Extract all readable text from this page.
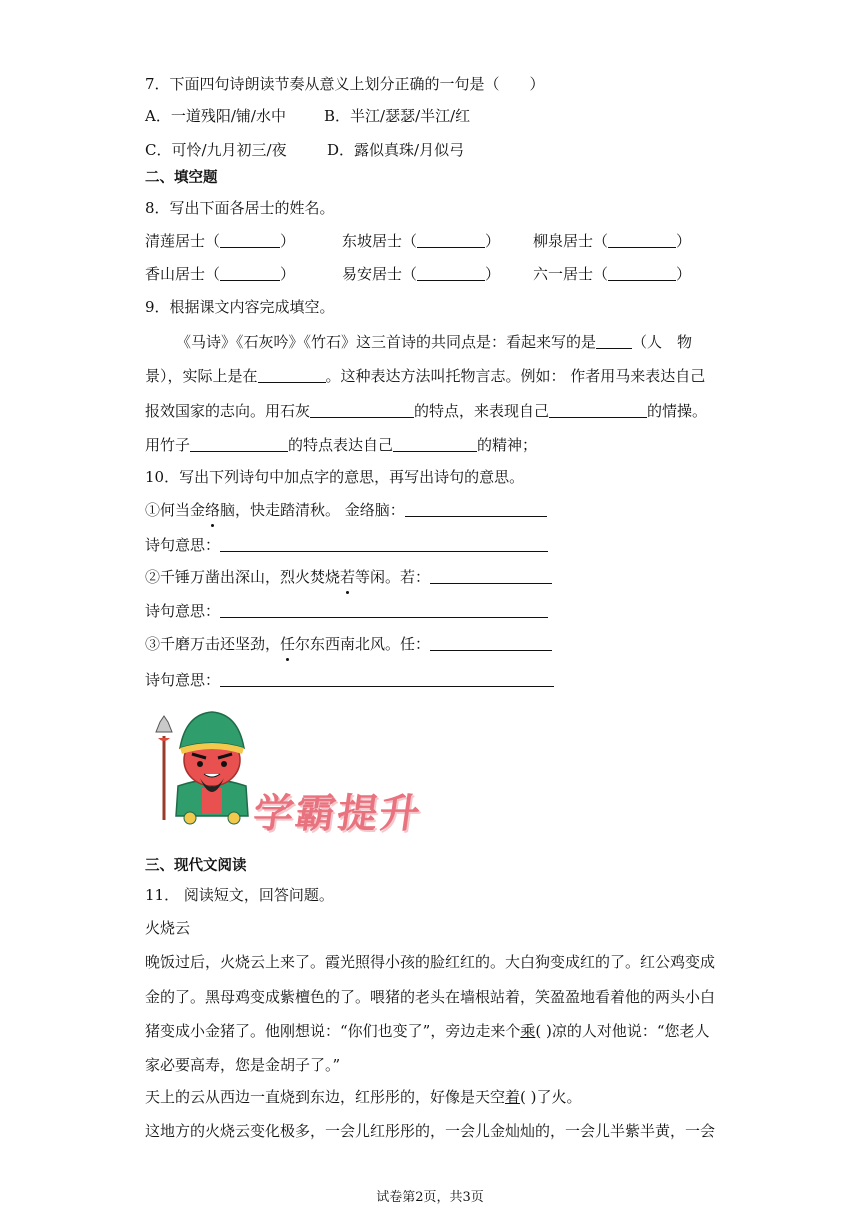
7．下面四句诗朗读节奏从意义上划分正确的一句是（　　）
A．一道残阳/铺/水中	B．半江/瑟瑟/半江/红
C．可怜/九月初三/夜	D．露似真珠/月似弓
二、填空题
8．写出下面各居士的姓名。
清莲居士（	）	东坡居士（	） 柳泉居士（	）
香山居士（	）	易安居士（	） 六一居士（	）
9．根据课文内容完成填空。
《马诗》《石灰吟》《竹石》这三首诗的共同点是：看起来写的是 （人　物
景），实际上是在	。这种表达方法叫托物言志。例如： 作者用马来表达自己
报效国家的志向。用石灰	的特点，来表现自己	的情操。
用竹子	的特点表达自己	的精神；
10．写出下列诗句中加点字的意思，再写出诗句的意思。
①何当金络脑，快走踏清秋。 金络脑：
诗句意思：
②千锤万凿出深山，烈火焚烧若等闲。若：
诗句意思：
③千磨万击还坚劲，任尔东西南北风。任：
诗句意思：
学霸提升
三、现代文阅读
11． 阅读短文，回答问题。
火烧云
晚饭过后，火烧云上来了。霞光照得小孩的脸红红的。大白狗变成红的了。红公鸡变成
金的了。黑母鸡变成紫檀色的了。喂猪的老头在墙根站着，笑盈盈地看着他的两头小白
猪变成小金猪了。他刚想说：“你们也变了”，旁边走来个乘( )凉的人对他说：“您老人
家必要高寿，您是金胡子了。”
天上的云从西边一直烧到东边，红彤彤的，好像是天空着( )了火。
这地方的火烧云变化极多，一会儿红彤彤的，一会儿金灿灿的，一会儿半紫半黄，一会
试卷第2页，共3页
